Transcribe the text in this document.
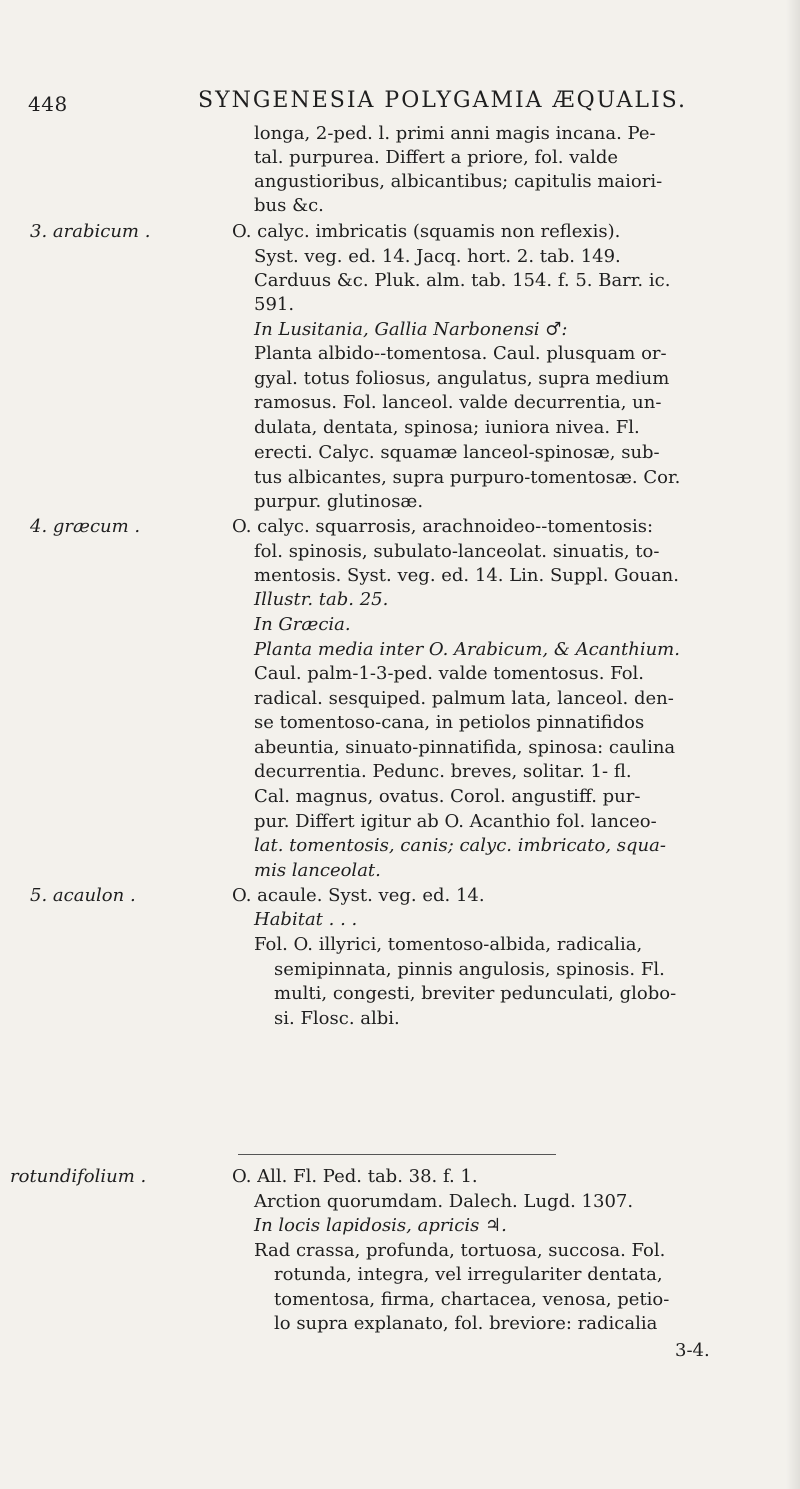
448	SYNGENESIA POLYGAMIA ÆQUALIS.
longa, 2-ped. l. primi anni magis incana. Pe-
tal. purpurea. Differt a priore, fol. valde
angustioribus, albicantibus; capitulis maiori-
bus &c.
3. arabicum .	O. calyc. imbricatis (squamis non reflexis).
Syst. veg. ed. 14. Jacq. hort. 2. tab. 149.
Carduus &c. Pluk. alm. tab. 154. f. 5. Barr. ic.
591.
In Lusitania, Gallia Narbonensi ♂:
Planta albido--tomentosa. Caul. plusquam or-
gyal. totus foliosus, angulatus, supra medium
ramosus. Fol. lanceol. valde decurrentia, un-
dulata, dentata, spinosa; iuniora nivea. Fl.
erecti. Calyc. squamæ lanceol-spinosæ, sub-
tus albicantes, supra purpuro-tomentosæ. Cor.
purpur. glutinosæ.
4. græcum .	O. calyc. squarrosis, arachnoideo--tomentosis:
fol. spinosis, subulato-lanceolat. sinuatis, to-
mentosis. Syst. veg. ed. 14. Lin. Suppl. Gouan.
Illustr. tab. 25.
In Græcia.
Planta media inter O. Arabicum, & Acanthium.
Caul. palm-1-3-ped. valde tomentosus. Fol.
radical. sesquiped. palmum lata, lanceol. den-
se tomentoso-cana, in petiolos pinnatifidos
abeuntia, sinuato-pinnatifida, spinosa: caulina
decurrentia. Pedunc. breves, solitar. 1- fl.
Cal. magnus, ovatus. Corol. angustiff. pur-
pur. Differt igitur ab O. Acanthio fol. lanceo-
lat. tomentosis, canis; calyc. imbricato, squa-
mis lanceolat.
5. acaulon .	O. acaule. Syst. veg. ed. 14.
Habitat . . .
Fol. O. illyrici, tomentoso-albida, radicalia,
semipinnata, pinnis angulosis, spinosis. Fl.
multi, congesti, breviter pedunculati, globo-
si. Flosc. albi.
rotundifolium .	O. All. Fl. Ped. tab. 38. f. 1.
Arction quorumdam. Dalech. Lugd. 1307.
In locis lapidosis, apricis ♃.
Rad crassa, profunda, tortuosa, succosa. Fol.
rotunda, integra, vel irregulariter dentata,
tomentosa, firma, chartacea, venosa, petio-
lo supra explanato, fol. breviore: radicalia
3-4.
